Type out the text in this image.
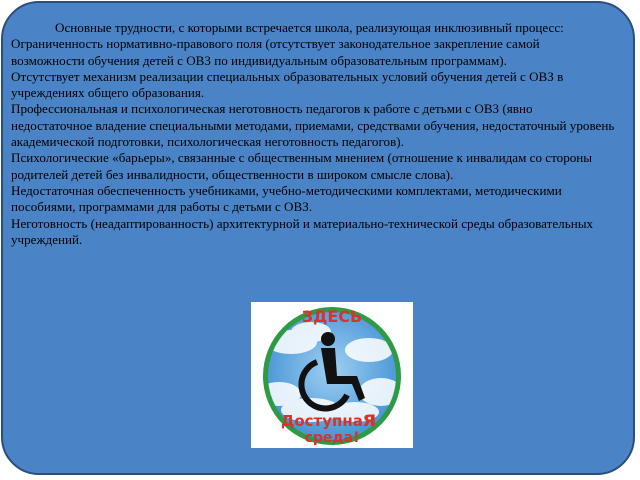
Основные трудности, с которыми встречается школа, реализующая инклюзивный процесс:

Ограниченность нормативно-правового поля (отсутствует законодательное закрепление самой возможности обучения детей с ОВЗ по индивидуальным образовательным программам).

Отсутствует механизм реализации специальных образовательных условий обучения детей с ОВЗ в учреждениях общего образования.

Профессиональная и психологическая неготовность педагогов к работе с детьми с ОВЗ (явно недостаточное владение специальными методами, приемами, средствами обучения, недостаточный уровень академической подготовки, психологическая неготовность педагогов).

Психологические «барьеры», связанные с общественным мнением (отношение к инвалидам со стороны родителей детей без инвалидности, общественности в широком смысле слова).

Недостаточная обеспеченность учебниками, учебно-методическими комплектами, методическими пособиями, программами для работы с детьми с ОВЗ.

Неготовность (неадаптированность) архитектурной и материально-технической среды образовательных учреждений.

ЗДЕСЬ
Доступная
среда!
